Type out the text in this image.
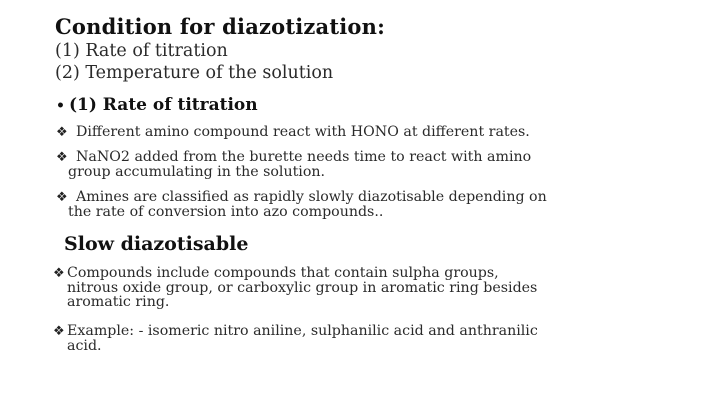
Condition for diazotization:
(1) Rate of titration
(2) Temperature of the solution
• (1) Rate of titration
❖ Different amino compound react with HONO at different rates.
❖ NaNO2 added from the burette needs time to react with amino
group accumulating in the solution.
❖ Amines are classified as rapidly slowly diazotisable depending on
the rate of conversion into azo compounds..
Slow diazotisable
❖ Compounds include compounds that contain sulpha groups,
nitrous oxide group, or carboxylic group in aromatic ring besides
aromatic ring.
❖ Example: - isomeric nitro aniline, sulphanilic acid and anthranilic
acid.
